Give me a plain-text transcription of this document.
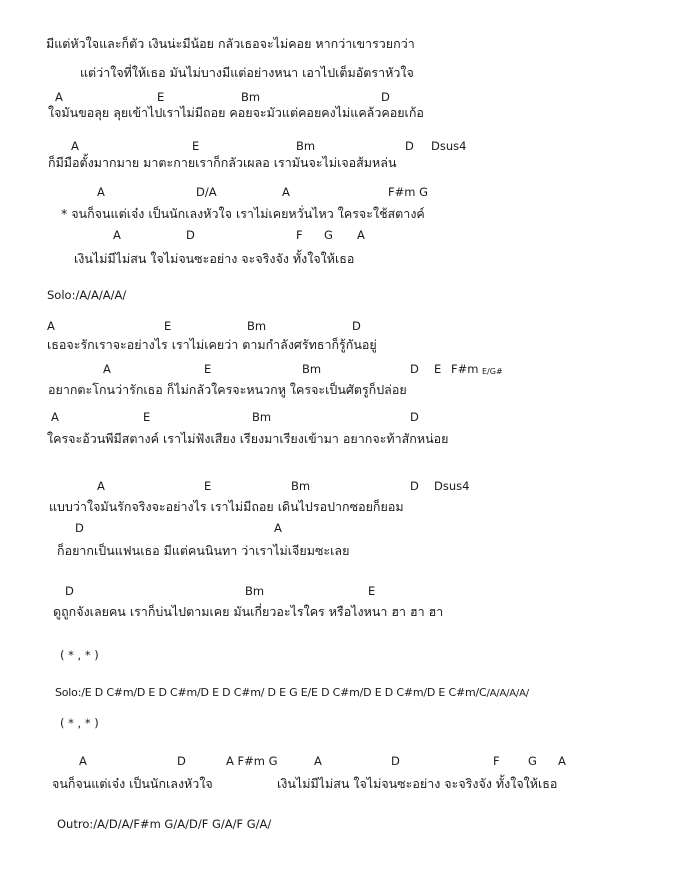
มีแต่หัวใจและก็ตัว เงินน่ะมีน้อย กลัวเธอจะไม่คอย หากว่าเขารวยกว่า
แต่ว่าใจที่ให้เธอ มันไม่บางมีแต่อย่างหนา เอาไปเต็มอัตราหัวใจ
A	E	Bm	D
ใจมันขอลุย ลุยเข้าไปเราไม่มีถอย คอยจะมัวแต่คอยคงไม่แคล้วคอยเก้อ
A	E	Bm	D Dsus4
ก็มีมือตั้งมากมาย มาตะกายเราก็กลัวเผลอ เรามันจะไม่เจอส้มหล่น
A	D/A	A	F#m G
* จนก็จนแต่เจ๋ง เป็นนักเลงหัวใจ เราไม่เคยหวั่นไหว ใครจะใช้สตางค์
A	D	F G A
เงินไม่มีไม่สน ใจไม่จนซะอย่าง จะจริงจัง ทั้งใจให้เธอ
Solo:/A/A/A/A/
A	E	Bm	D
เธอจะรักเราจะอย่างไร เราไม่เคยว่า ตามกำลังศรัทธาก็รู้กันอยู่
A	E	Bm	D E F#m E/G#
อยากตะโกนว่ารักเธอ ก็ไม่กลัวใครจะหนวกหู ใครจะเป็นศัตรูก็ปล่อย
A	E	Bm	D
ใครจะอ้วนพีมีสตางค์ เราไม่ฟังเสียง เรียงมาเรียงเข้ามา อยากจะท้าสักหน่อย
A	E	Bm	D Dsus4
แบบว่าใจมันรักจริงจะอย่างไร เราไม่มีถอย เดินไปรอปากซอยก็ยอม
D	A
ก็อยากเป็นแฟนเธอ มีแต่คนนินทา ว่าเราไม่เจียมซะเลย
D	Bm	E
ดูถูกจังเลยคน เราก็บ่นไปตามเคย มันเกี่ยวอะไรใคร หรือไงหนา ฮา ฮา ฮา
( * , * )
Solo:/E D C#m/D E D C#m/D E D C#m/ D E G E/E D C#m/D E D C#m/D E C#m/C/A/A/A/A/
( * , * )
A	D	A F#m G	A	D	F G A
จนก็จนแต่เจ๋ง เป็นนักเลงหัวใจ	เงินไม่มีไม่สน ใจไม่จนซะอย่าง จะจริงจัง ทั้งใจให้เธอ
Outro:/A/D/A/F#m G/A/D/F G/A/F G/A/
